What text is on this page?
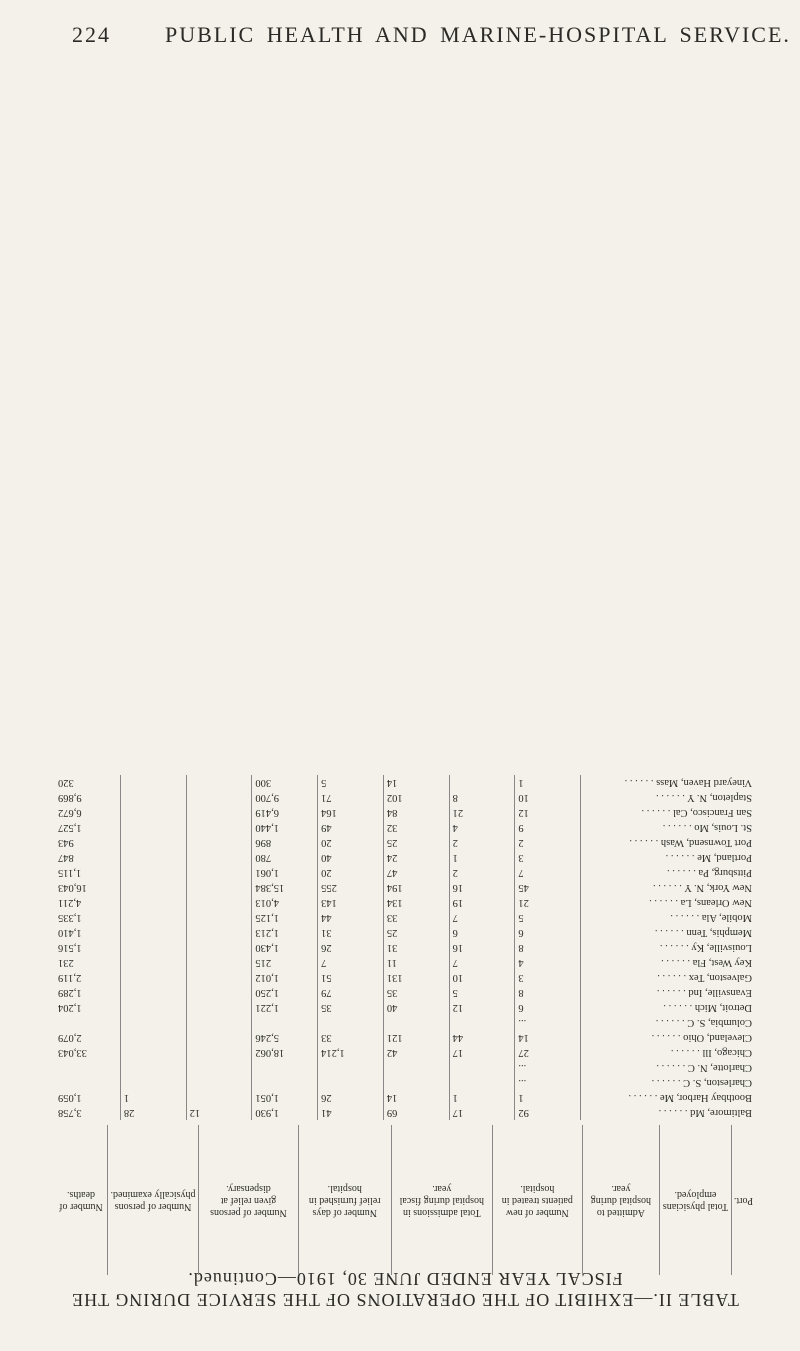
224 PUBLIC HEALTH AND MARINE-HOSPITAL SERVICE.
TABLE II.—EXHIBIT OF THE OPERATIONS OF THE SERVICE DURING THE FISCAL YEAR ENDED JUNE 30, 1910—Continued.
Port.	Total physicians employed.	Admitted to hospital during year.	Number of new patients treated in hospital.	Total admissions in hospital during fiscal year.	Number of days relief furnished in hospital.	Number of persons given relief at dispensary.	Number of persons physically examined.	Number of deaths.
Baltimore, Md . . . . . .	92	17	69	41	1,930	12	28	3,758
Boothbay Harbor, Me . . . . . .	1	1	14	26	1,051		1	1,059
Charleston, S. C . . . . . .	...							
Charlotte, N. C . . . . . .	...							
Chicago, Ill . . . . . .	27	17	42	1,214	18,062			33,043
Cleveland, Ohio . . . . . .	14	44	121	33	5,246			2,079
Columbia, S. C . . . . . .	...							
Detroit, Mich . . . . . .	6	12	40	35	1,221			1,204
Evansville, Ind . . . . . .	8	5	35	79	1,250			1,289
Galveston, Tex . . . . . .	3	10	131	51	1,012			2,119
Key West, Fla . . . . . .	4	7	11	7	215			231
Louisville, Ky . . . . . .	8	16	31	26	1,430			1,516
Memphis, Tenn . . . . . .	6	6	25	31	1,213			1,410
Mobile, Ala . . . . . .	5	7	33	44	1,125			1,335
New Orleans, La . . . . . .	21	19	134	143	4,013			4,211
New York, N. Y . . . . . .	45	16	194	255	15,384			16,043
Pittsburg, Pa . . . . . .	7	2	47	20	1,061			1,115
Portland, Me . . . . . .	3	1	24	40	780			847
Port Townsend, Wash . . . . . .	2	2	25	20	896			943
St. Louis, Mo . . . . . .	9	4	32	49	1,440			1,527
San Francisco, Cal . . . . . .	12	21	84	164	6,419			6,672
Stapleton, N. Y . . . . . .	10	8	102	71	9,700			9,869
Vineyard Haven, Mass . . . . . .	1		14	5	300			320
